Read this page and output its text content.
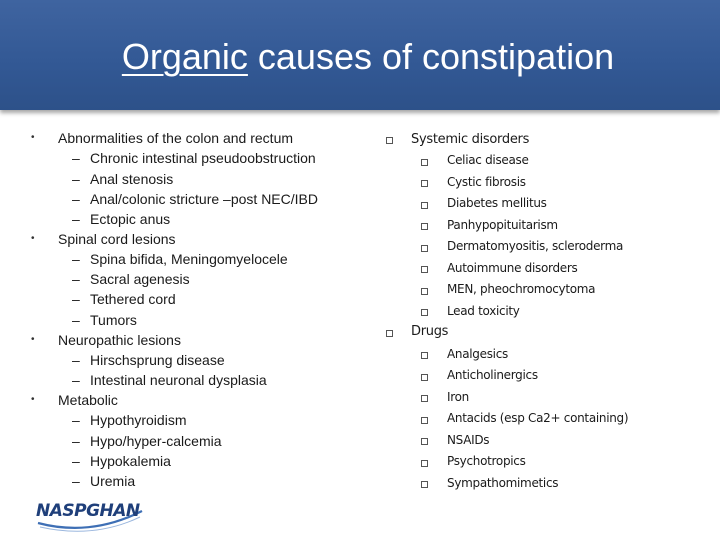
Organic causes of constipation
• Abnormalities of the colon and rectum
– Chronic intestinal pseudoobstruction
– Anal stenosis
– Anal/colonic stricture –post NEC/IBD
– Ectopic anus
• Spinal cord lesions
– Spina bifida, Meningomyelocele
– Sacral agenesis
– Tethered cord
– Tumors
• Neuropathic lesions
– Hirschsprung disease
– Intestinal neuronal dysplasia
• Metabolic
– Hypothyroidism
– Hypo/hyper-calcemia
– Hypokalemia
– Uremia
Systemic disorders
Celiac disease
Cystic fibrosis
Diabetes mellitus
Panhypopituitarism
Dermatomyositis, scleroderma
Autoimmune disorders
MEN, pheochromocytoma
Lead toxicity
Drugs
Analgesics
Anticholinergics
Iron
Antacids (esp Ca2+ containing)
NSAIDs
Psychotropics
Sympathomimetics
NASPGHAN
